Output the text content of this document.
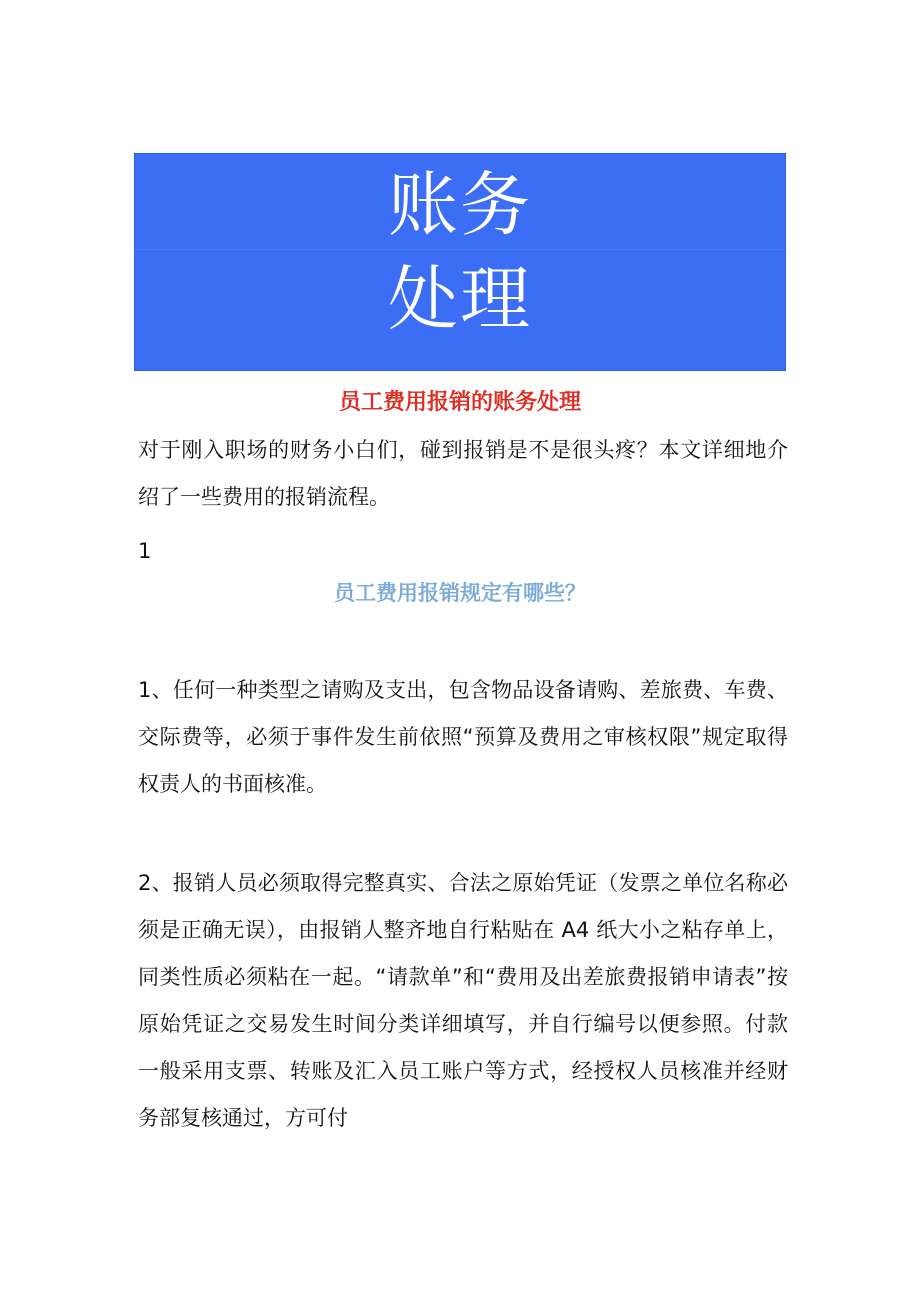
账务
处理
员工费用报销的账务处理

对于刚入职场的财务小白们，碰到报销是不是很头疼？本文详细地介绍了一些费用的报销流程。

1
员工费用报销规定有哪些？

1、任何一种类型之请购及支出，包含物品设备请购、差旅费、车费、交际费等，必须于事件发生前依照“预算及费用之审核权限”规定取得权责人的书面核准。

2、报销人员必须取得完整真实、合法之原始凭证（发票之单位名称必须是正确无误），由报销人整齐地自行粘贴在 A4 纸大小之粘存单上，同类性质必须粘在一起。“请款单”和“费用及出差旅费报销申请表”按原始凭证之交易发生时间分类详细填写，并自行编号以便参照。付款一般采用支票、转账及汇入员工账户等方式，经授权人员核准并经财务部复核通过，方可付
